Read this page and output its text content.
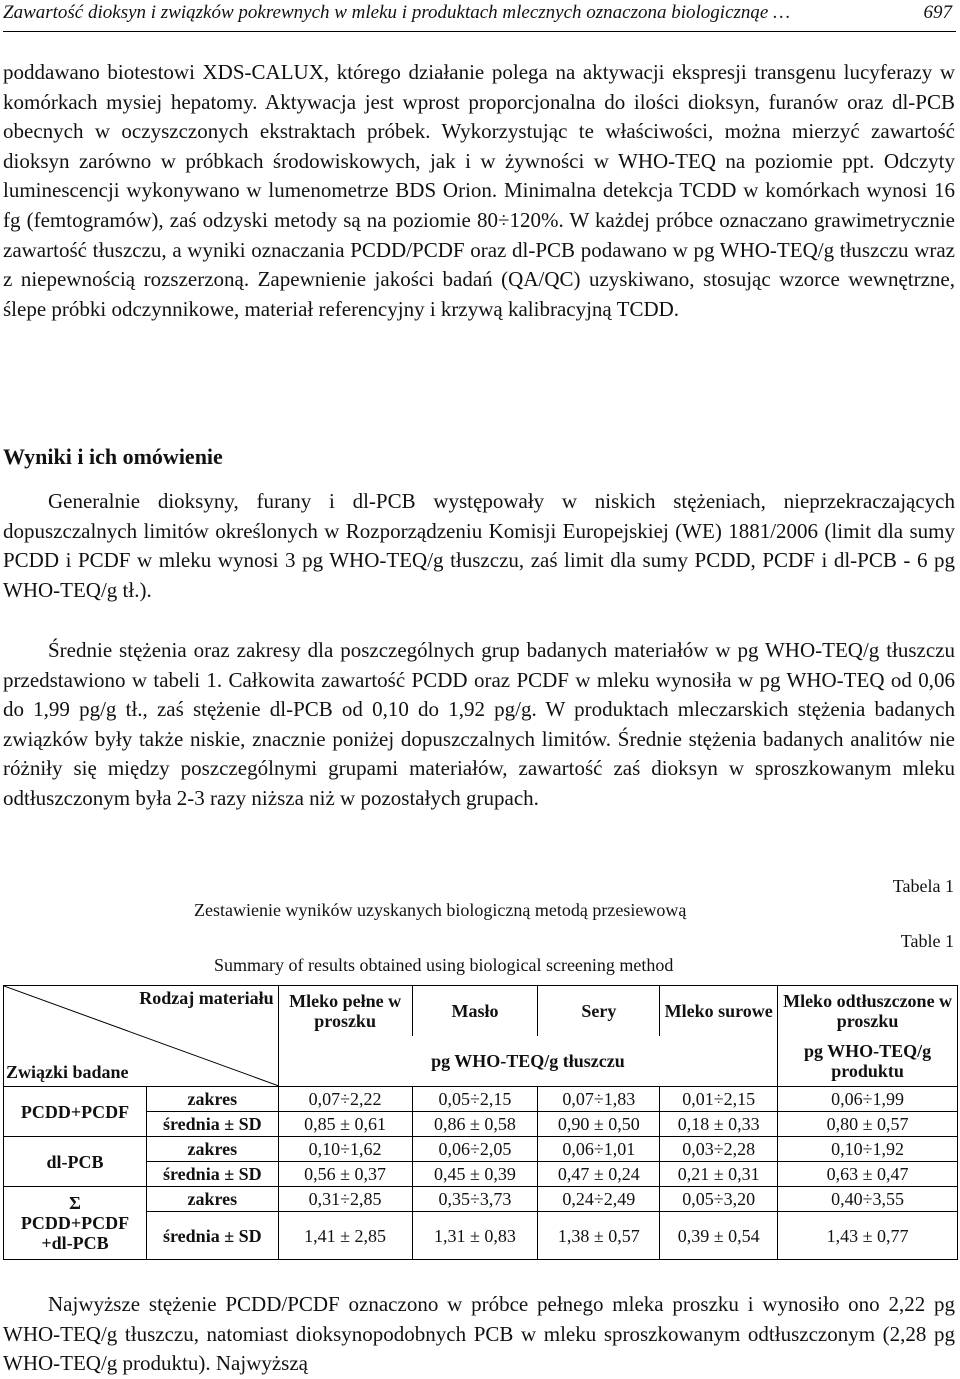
Zawartość dioksyn i związków pokrewnych w mleku i produktach mlecznych oznaczona biologicznąe …	697

poddawano biotestowi XDS-CALUX, którego działanie polega na aktywacji ekspresji transgenu lucyferazy w komórkach mysiej hepatomy. Aktywacja jest wprost proporcjonalna do ilości dioksyn, furanów oraz dl-PCB obecnych w oczyszczonych ekstraktach próbek. Wykorzystując te właściwości, można mierzyć zawartość dioksyn zarówno w próbkach środowiskowych, jak i w żywności w WHO-TEQ na poziomie ppt. Odczyty luminescencji wykonywano w lumenometrze BDS Orion. Minimalna detekcja TCDD w komórkach wynosi 16 fg (femtogramów), zaś odzyski metody są na poziomie 80÷120%. W każdej próbce oznaczano grawimetrycznie zawartość tłuszczu, a wyniki oznaczania PCDD/PCDF oraz dl-PCB podawano w pg WHO-TEQ/g tłuszczu wraz z niepewnością rozszerzoną. Zapewnienie jakości badań (QA/QC) uzyskiwano, stosując wzorce wewnętrzne, ślepe próbki odczynnikowe, materiał referencyjny i krzywą kalibracyjną TCDD.

Wyniki i ich omówienie

Generalnie dioksyny, furany i dl-PCB występowały w niskich stężeniach, nieprzekraczających dopuszczalnych limitów określonych w Rozporządzeniu Komisji Europejskiej (WE) 1881/2006 (limit dla sumy PCDD i PCDF w mleku wynosi 3 pg WHO-TEQ/g tłuszczu, zaś limit dla sumy PCDD, PCDF i dl-PCB - 6 pg WHO-TEQ/g tł.).

Średnie stężenia oraz zakresy dla poszczególnych grup badanych materiałów w pg WHO-TEQ/g tłuszczu przedstawiono w tabeli 1. Całkowita zawartość PCDD oraz PCDF w mleku wynosiła w pg WHO-TEQ od 0,06 do 1,99 pg/g tł., zaś stężenie dl-PCB od 0,10 do 1,92 pg/g. W produktach mleczarskich stężenia badanych związków były także niskie, znacznie poniżej dopuszczalnych limitów. Średnie stężenia badanych analitów nie różniły się między poszczególnymi grupami materiałów, zawartość zaś dioksyn w sproszkowanym mleku odtłuszczonym była 2-3 razy niższa niż w pozostałych grupach.

Tabela 1
Zestawienie wyników uzyskanych biologiczną metodą przesiewową
Table 1
Summary of results obtained using biological screening method
Rodzaj materiału
Związki badane		Mleko pełne w proszku	Masło	Sery	Mleko surowe	Mleko odtłuszczone w proszku
		pg WHO-TEQ/g tłuszczu				pg WHO-TEQ/g produktu
PCDD+PCDF	zakres	0,07÷2,22	0,05÷2,15	0,07÷1,83	0,01÷2,15	0,06÷1,99
	średnia ± SD	0,85 ± 0,61	0,86 ± 0,58	0,90 ± 0,50	0,18 ± 0,33	0,80 ± 0,57
dl-PCB	zakres	0,10÷1,62	0,06÷2,05	0,06÷1,01	0,03÷2,28	0,10÷1,92
	średnia ± SD	0,56 ± 0,37	0,45 ± 0,39	0,47 ± 0,24	0,21 ± 0,31	0,63 ± 0,47

Σ
PCDD+PCDF
+dl-PCB	zakres	0,31÷2,85	0,35÷3,73	0,24÷2,49	0,05÷3,20	0,40÷3,55
	średnia ± SD	1,41 ± 2,85	1,31 ± 0,83	1,38 ± 0,57	0,39 ± 0,54	1,43 ± 0,77

Najwyższe stężenie PCDD/PCDF oznaczono w próbce pełnego mleka proszku i wynosiło ono 2,22 pg WHO-TEQ/g tłuszczu, natomiast dioksynopodobnych PCB w mleku sproszkowanym odtłuszczonym (2,28 pg WHO-TEQ/g produktu). Najwyższą
